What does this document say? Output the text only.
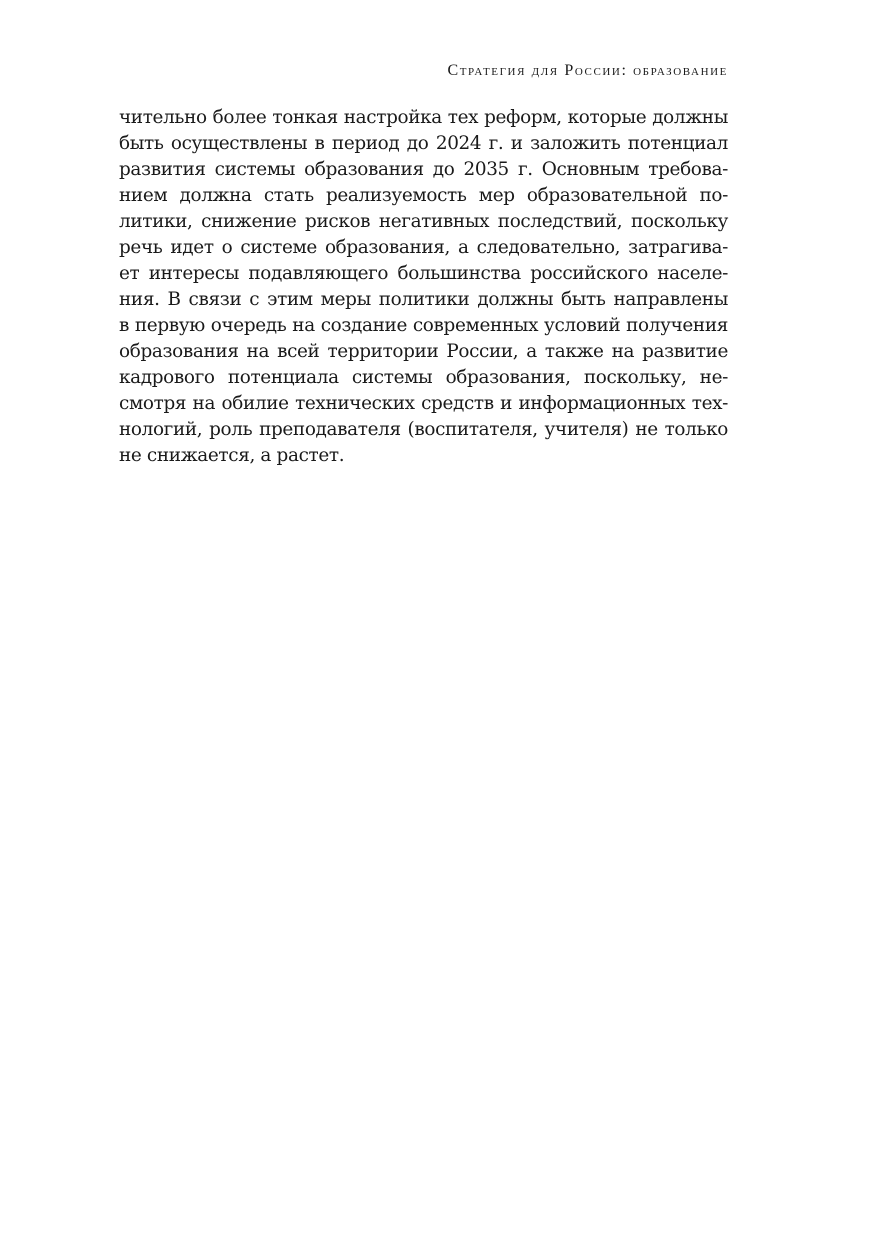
Стратегия для России: образование
чительно более тонкая настройка тех реформ, которые должны
быть осуществлены в период до 2024 г. и заложить потенциал
развития системы образования до 2035 г. Основным требова-
нием должна стать реализуемость мер образовательной по-
литики, снижение рисков негативных последствий, поскольку
речь идет о системе образования, а следовательно, затрагива-
ет интересы подавляющего большинства российского населе-
ния. В связи с этим меры политики должны быть направлены
в первую очередь на создание современных условий получения
образования на всей территории России, а также на развитие
кадрового потенциала системы образования, поскольку, не-
смотря на обилие технических средств и информационных тех-
нологий, роль преподавателя (воспитателя, учителя) не только
не снижается, а растет.
